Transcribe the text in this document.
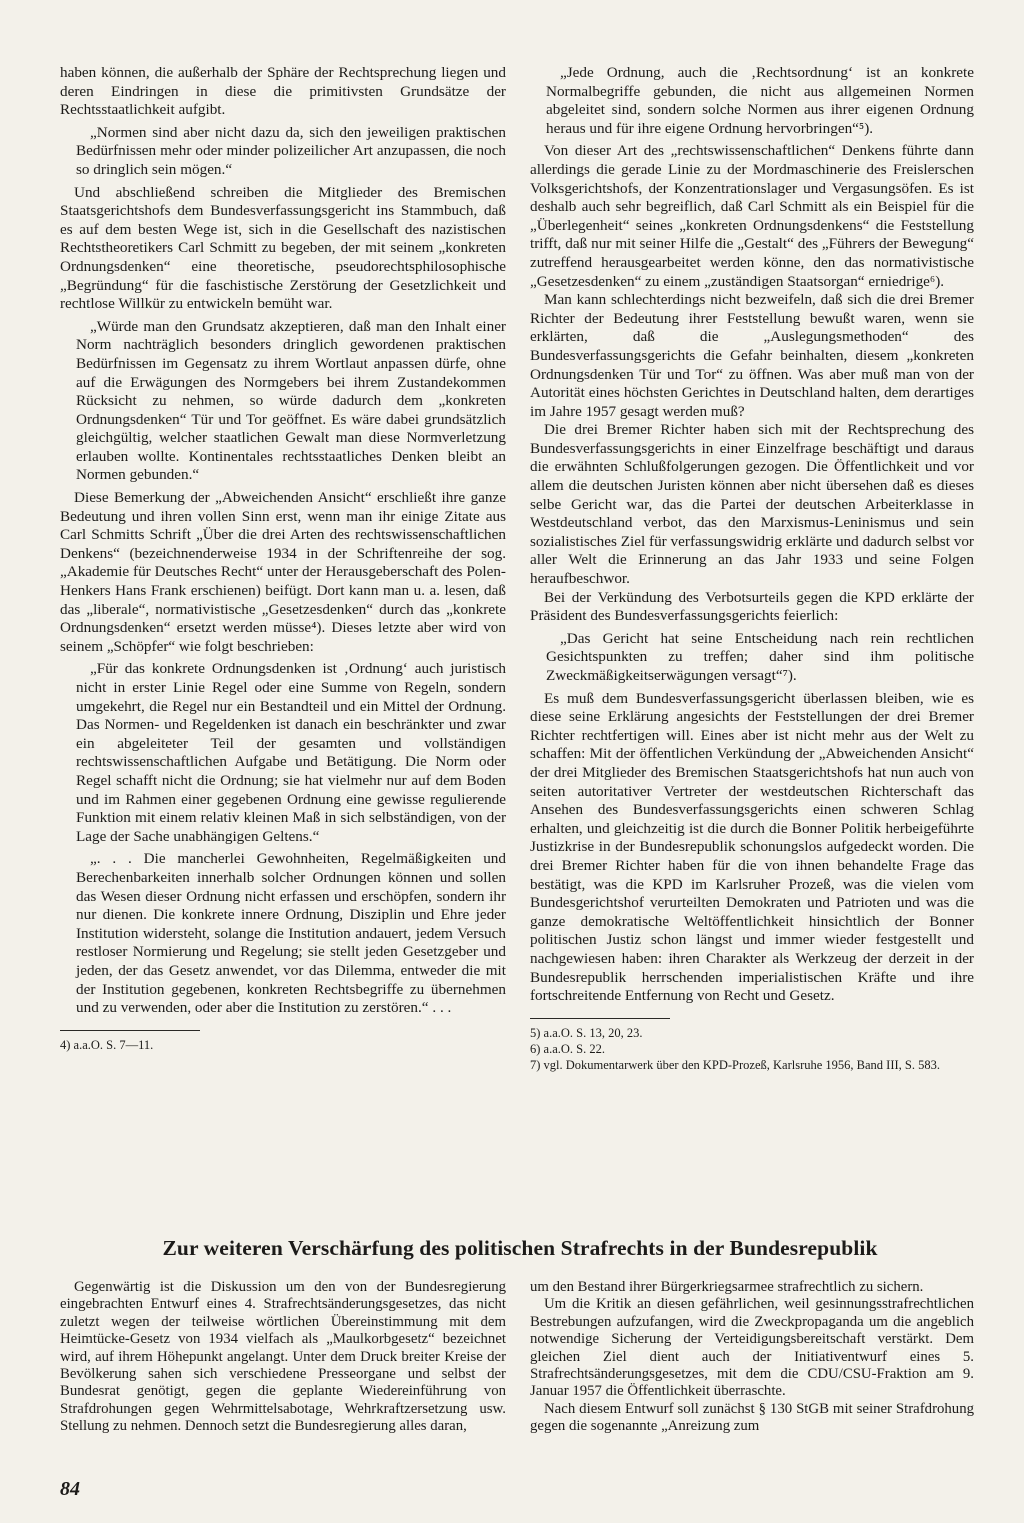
haben können, die außerhalb der Sphäre der Rechtsprechung liegen und deren Eindringen in diese die primitivsten Grundsätze der Rechtsstaatlichkeit aufgibt.

„Normen sind aber nicht dazu da, sich den jeweiligen praktischen Bedürfnissen mehr oder minder polizeilicher Art anzupassen, die noch so dringlich sein mögen.“

Und abschließend schreiben die Mitglieder des Bremischen Staatsgerichtshofs dem Bundesverfassungsgericht ins Stammbuch, daß es auf dem besten Wege ist, sich in die Gesellschaft des nazistischen Rechtstheoretikers Carl Schmitt zu begeben, der mit seinem „konkreten Ordnungsdenken“ eine theoretische, pseudorechtsphilosophische „Begründung“ für die faschistische Zerstörung der Gesetzlichkeit und rechtlose Willkür zu entwickeln bemüht war.

„Würde man den Grundsatz akzeptieren, daß man den Inhalt einer Norm nachträglich besonders dringlich gewordenen praktischen Bedürfnissen im Gegensatz zu ihrem Wortlaut anpassen dürfe, ohne auf die Erwägungen des Normgebers bei ihrem Zustandekommen Rücksicht zu nehmen, so würde dadurch dem „konkreten Ordnungsdenken“ Tür und Tor geöffnet. Es wäre dabei grundsätzlich gleichgültig, welcher staatlichen Gewalt man diese Normverletzung erlauben wollte. Kontinentales rechtsstaatliches Denken bleibt an Normen gebunden.“

Diese Bemerkung der „Abweichenden Ansicht“ erschließt ihre ganze Bedeutung und ihren vollen Sinn erst, wenn man ihr einige Zitate aus Carl Schmitts Schrift „Über die drei Arten des rechtswissenschaftlichen Denkens“ (bezeichnenderweise 1934 in der Schriftenreihe der sog. „Akademie für Deutsches Recht“ unter der Herausgeberschaft des Polen-Henkers Hans Frank erschienen) beifügt. Dort kann man u. a. lesen, daß das „liberale“, normativistische „Gesetzesdenken“ durch das „konkrete Ordnungsdenken“ ersetzt werden müsse⁴). Dieses letzte aber wird von seinem „Schöpfer“ wie folgt beschrieben:

„Für das konkrete Ordnungsdenken ist ‚Ordnung‘ auch juristisch nicht in erster Linie Regel oder eine Summe von Regeln, sondern umgekehrt, die Regel nur ein Bestandteil und ein Mittel der Ordnung. Das Normen- und Regeldenken ist danach ein beschränkter und zwar ein abgeleiteter Teil der gesamten und vollständigen rechtswissenschaftlichen Aufgabe und Betätigung. Die Norm oder Regel schafft nicht die Ordnung; sie hat vielmehr nur auf dem Boden und im Rahmen einer gegebenen Ordnung eine gewisse regulierende Funktion mit einem relativ kleinen Maß in sich selbständigen, von der Lage der Sache unabhängigen Geltens.“
„. . . Die mancherlei Gewohnheiten, Regelmäßigkeiten und Berechenbarkeiten innerhalb solcher Ordnungen können und sollen das Wesen dieser Ordnung nicht erfassen und erschöpfen, sondern ihr nur dienen. Die konkrete innere Ordnung, Disziplin und Ehre jeder Institution widersteht, solange die Institution andauert, jedem Versuch restloser Normierung und Regelung; sie stellt jeden Gesetzgeber und jeden, der das Gesetz anwendet, vor das Dilemma, entweder die mit der Institution gegebenen, konkreten Rechtsbegriffe zu übernehmen und zu verwenden, oder aber die Institution zu zerstören.“ . . .

4) a.a.O. S. 7—11.

„Jede Ordnung, auch die ‚Rechtsordnung‘ ist an konkrete Normalbegriffe gebunden, die nicht aus allgemeinen Normen abgeleitet sind, sondern solche Normen aus ihrer eigenen Ordnung heraus und für ihre eigene Ordnung hervorbringen“⁵).

Von dieser Art des „rechtswissenschaftlichen“ Denkens führte dann allerdings die gerade Linie zu der Mordmaschinerie des Freislerschen Volksgerichtshofs, der Konzentrationslager und Vergasungsöfen. Es ist deshalb auch sehr begreiflich, daß Carl Schmitt als ein Beispiel für die „Überlegenheit“ seines „konkreten Ordnungsdenkens“ die Feststellung trifft, daß nur mit seiner Hilfe die „Gestalt“ des „Führers der Bewegung“ zutreffend herausgearbeitet werden könne, den das normativistische „Gesetzesdenken“ zu einem „zuständigen Staatsorgan“ erniedrige⁶).

Man kann schlechterdings nicht bezweifeln, daß sich die drei Bremer Richter der Bedeutung ihrer Feststellung bewußt waren, wenn sie erklärten, daß die „Auslegungsmethoden“ des Bundesverfassungsgerichts die Gefahr beinhalten, diesem „konkreten Ordnungsdenken Tür und Tor“ zu öffnen. Was aber muß man von der Autorität eines höchsten Gerichtes in Deutschland halten, dem derartiges im Jahre 1957 gesagt werden muß?

Die drei Bremer Richter haben sich mit der Rechtsprechung des Bundesverfassungsgerichts in einer Einzelfrage beschäftigt und daraus die erwähnten Schlußfolgerungen gezogen. Die Öffentlichkeit und vor allem die deutschen Juristen können aber nicht übersehen daß es dieses selbe Gericht war, das die Partei der deutschen Arbeiterklasse in Westdeutschland verbot, das den Marxismus-Leninismus und sein sozialistisches Ziel für verfassungswidrig erklärte und dadurch selbst vor aller Welt die Erinnerung an das Jahr 1933 und seine Folgen heraufbeschwor.

Bei der Verkündung des Verbotsurteils gegen die KPD erklärte der Präsident des Bundesverfassungsgerichts feierlich:

„Das Gericht hat seine Entscheidung nach rein rechtlichen Gesichtspunkten zu treffen; daher sind ihm politische Zweckmäßigkeitserwägungen versagt“⁷).

Es muß dem Bundesverfassungsgericht überlassen bleiben, wie es diese seine Erklärung angesichts der Feststellungen der drei Bremer Richter rechtfertigen will. Eines aber ist nicht mehr aus der Welt zu schaffen: Mit der öffentlichen Verkündung der „Abweichenden Ansicht“ der drei Mitglieder des Bremischen Staatsgerichtshofs hat nun auch von seiten autoritativer Vertreter der westdeutschen Richterschaft das Ansehen des Bundesverfassungsgerichts einen schweren Schlag erhalten, und gleichzeitig ist die durch die Bonner Politik herbeigeführte Justizkrise in der Bundesrepublik schonungslos aufgedeckt worden. Die drei Bremer Richter haben für die von ihnen behandelte Frage das bestätigt, was die KPD im Karlsruher Prozeß, was die vielen vom Bundesgerichtshof verurteilten Demokraten und Patrioten und was die ganze demokratische Weltöffentlichkeit hinsichtlich der Bonner politischen Justiz schon längst und immer wieder festgestellt und nachgewiesen haben: ihren Charakter als Werkzeug der derzeit in der Bundesrepublik herrschenden imperialistischen Kräfte und ihre fortschreitende Entfernung von Recht und Gesetz.

5) a.a.O. S. 13, 20, 23.

6) a.a.O. S. 22.

7) vgl. Dokumentarwerk über den KPD-Prozeß, Karlsruhe 1956, Band III, S. 583.

Zur weiteren Verschärfung des politischen Strafrechts in der Bundesrepublik

Gegenwärtig ist die Diskussion um den von der Bundesregierung eingebrachten Entwurf eines 4. Strafrechtsänderungsgesetzes, das nicht zuletzt wegen der teilweise wörtlichen Übereinstimmung mit dem Heimtücke-Gesetz von 1934 vielfach als „Maulkorbgesetz“ bezeichnet wird, auf ihrem Höhepunkt angelangt. Unter dem Druck breiter Kreise der Bevölkerung sahen sich verschiedene Presseorgane und selbst der Bundesrat genötigt, gegen die geplante Wiedereinführung von Strafdrohungen gegen Wehrmittelsabotage, Wehrkraftzersetzung usw. Stellung zu nehmen. Dennoch setzt die Bundesregierung alles daran,

um den Bestand ihrer Bürgerkriegsarmee strafrechtlich zu sichern.

Um die Kritik an diesen gefährlichen, weil gesinnungsstrafrechtlichen Bestrebungen aufzufangen, wird die Zweckpropaganda um die angeblich notwendige Sicherung der Verteidigungsbereitschaft verstärkt. Dem gleichen Ziel dient auch der Initiativentwurf eines 5. Strafrechtsänderungsgesetzes, mit dem die CDU/CSU-Fraktion am 9. Januar 1957 die Öffentlichkeit überraschte.

Nach diesem Entwurf soll zunächst § 130 StGB mit seiner Strafdrohung gegen die sogenannte „Anreizung zum

84
